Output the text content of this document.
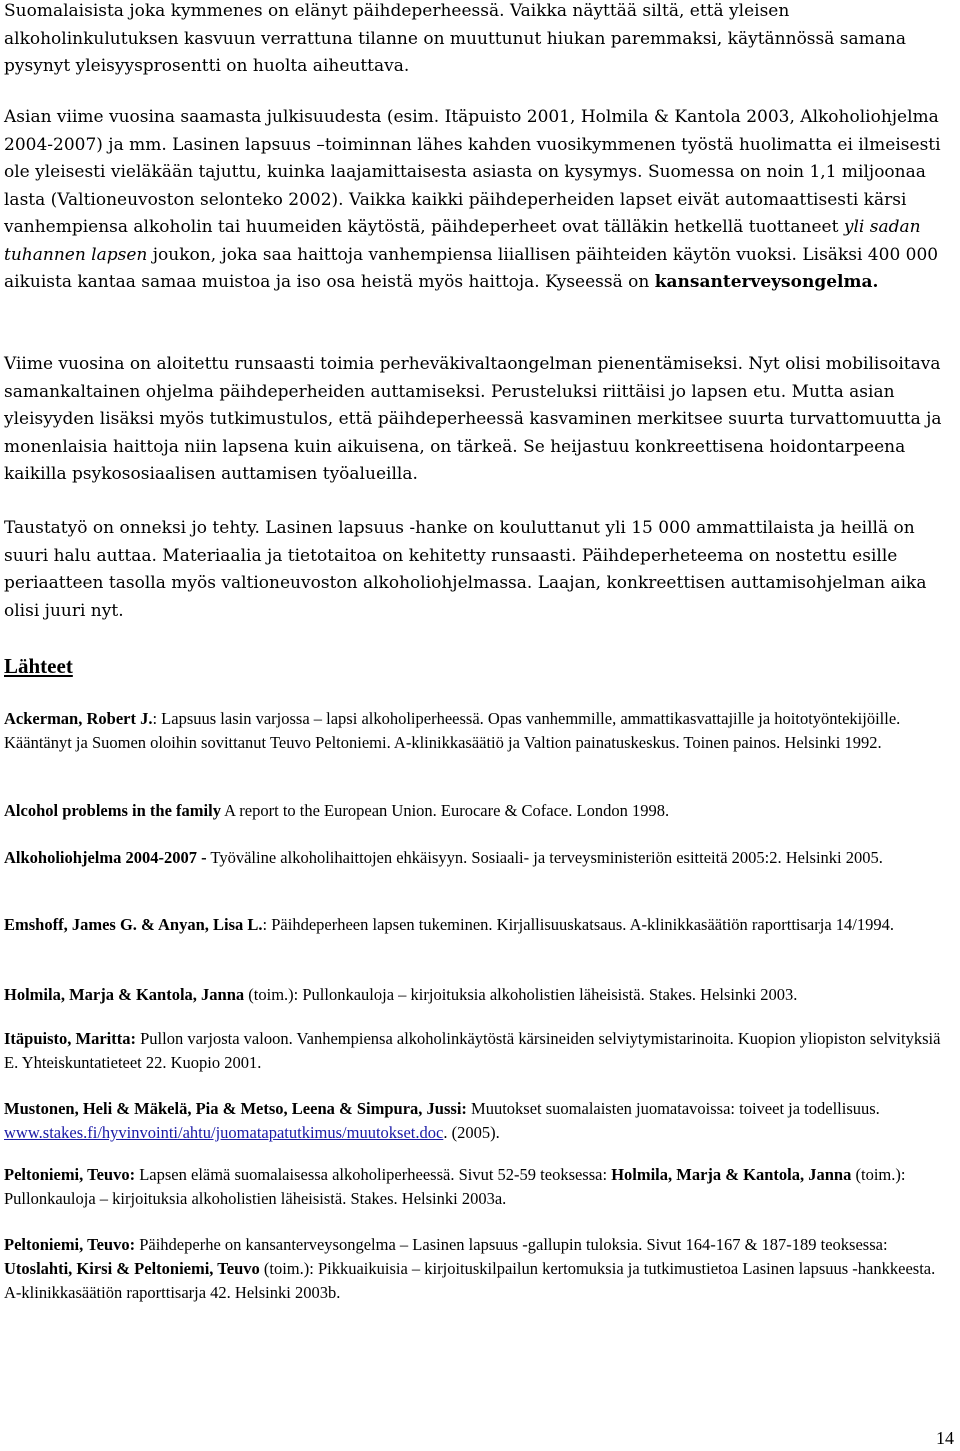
Suomalaisista joka kymmenes on elänyt päihdeperheessä. Vaikka näyttää siltä, että yleisen alkoholinkulutuksen kasvuun verrattuna tilanne on muuttunut hiukan paremmaksi, käytännössä samana pysynyt yleisyysprosentti on huolta aiheuttava.

Asian viime vuosina saamasta julkisuudesta (esim. Itäpuisto 2001, Holmila & Kantola 2003, Alkoholiohjelma 2004-2007) ja mm. Lasinen lapsuus –toiminnan lähes kahden vuosikymmenen työstä huolimatta ei ilmeisesti ole yleisesti vieläkään tajuttu, kuinka laajamittaisesta asiasta on kysymys. Suomessa on noin 1,1 miljoonaa lasta (Valtioneuvoston selonteko 2002). Vaikka kaikki päihdeperheiden lapset eivät automaattisesti kärsi vanhempiensa alkoholin tai huumeiden käytöstä, päihdeperheet ovat tälläkin hetkellä tuottaneet yli sadan tuhannen lapsen joukon, joka saa haittoja vanhempiensa liiallisen päihteiden käytön vuoksi. Lisäksi 400 000 aikuista kantaa samaa muistoa ja iso osa heistä myös haittoja. Kyseessä on kansanterveysongelma.

Viime vuosina on aloitettu runsaasti toimia perheväkivaltaongelman pienentämiseksi. Nyt olisi mobilisoitava samankaltainen ohjelma päihdeperheiden auttamiseksi. Perusteluksi riittäisi jo lapsen etu. Mutta asian yleisyyden lisäksi myös tutkimustulos, että päihdeperheessä kasvaminen merkitsee suurta turvattomuutta ja monenlaisia haittoja niin lapsena kuin aikuisena, on tärkeä. Se heijastuu konkreettisena hoidontarpeena kaikilla psykososiaalisen auttamisen työalueilla.

Taustatyö on onneksi jo tehty. Lasinen lapsuus -hanke on kouluttanut yli 15 000 ammattilaista ja heillä on suuri halu auttaa. Materiaalia ja tietotaitoa on kehitetty runsaasti. Päihdeperheteema on nostettu esille periaatteen tasolla myös valtioneuvoston alkoholiohjelmassa. Laajan, konkreettisen auttamisohjelman aika olisi juuri nyt.

Lähteet

Ackerman, Robert J.: Lapsuus lasin varjossa – lapsi alkoholiperheessä. Opas vanhemmille, ammattikasvattajille ja hoitotyöntekijöille. Kääntänyt ja Suomen oloihin sovittanut Teuvo Peltoniemi. A-klinikkasäätiö ja Valtion painatuskeskus. Toinen painos. Helsinki 1992.

Alcohol problems in the family A report to the European Union. Eurocare & Coface. London 1998.

Alkoholiohjelma 2004-2007 - Työväline alkoholihaittojen ehkäisyyn. Sosiaali- ja terveysministeriön esitteitä 2005:2. Helsinki 2005.

Emshoff, James G. & Anyan, Lisa L.: Päihdeperheen lapsen tukeminen. Kirjallisuuskatsaus. A-klinikkasäätiön raporttisarja 14/1994.

Holmila, Marja & Kantola, Janna (toim.): Pullonkauloja – kirjoituksia alkoholistien läheisistä. Stakes. Helsinki 2003.

Itäpuisto, Maritta: Pullon varjosta valoon. Vanhempiensa alkoholinkäytöstä kärsineiden selviytymistarinoita. Kuopion yliopiston selvityksiä E. Yhteiskuntatieteet 22. Kuopio 2001.

Mustonen, Heli & Mäkelä, Pia & Metso, Leena & Simpura, Jussi: Muutokset suomalaisten juomatavoissa: toiveet ja todellisuus. www.stakes.fi/hyvinvointi/ahtu/juomatapatutkimus/muutokset.doc. (2005).

Peltoniemi, Teuvo: Lapsen elämä suomalaisessa alkoholiperheessä. Sivut 52-59 teoksessa: Holmila, Marja & Kantola, Janna (toim.): Pullonkauloja – kirjoituksia alkoholistien läheisistä. Stakes. Helsinki 2003a.

Peltoniemi, Teuvo: Päihdeperhe on kansanterveysongelma – Lasinen lapsuus -gallupin tuloksia. Sivut 164-167 & 187-189 teoksessa: Utoslahti, Kirsi & Peltoniemi, Teuvo (toim.): Pikkuaikuisia – kirjoituskilpailun kertomuksia ja tutkimustietoa Lasinen lapsuus -hankkeesta. A-klinikkasäätiön raporttisarja 42. Helsinki 2003b.

14
